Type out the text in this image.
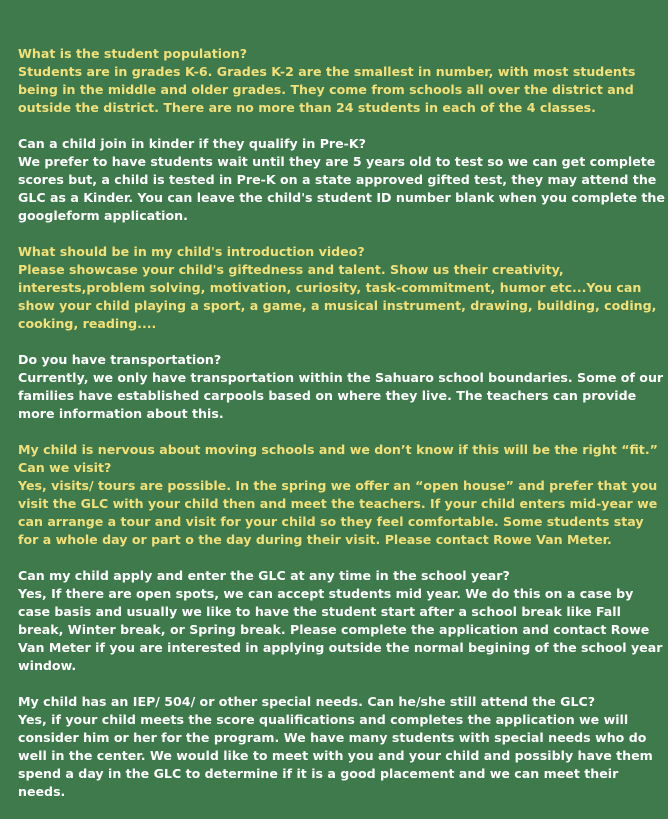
What is the student population?

Students are in grades K-6. Grades K-2 are the smallest in number, with most students being in the middle and older grades. They come from schools all over the district and outside the district. There are no more than 24 students in each of the 4 classes.

Can a child join in kinder if they qualify in Pre-K?

We prefer to have students wait until they are 5 years old to test so we can get complete scores but, a child is tested in Pre-K on a state approved gifted test, they may attend the GLC as a Kinder. You can leave the child's student ID number blank when you complete the googleform application.

What should be in my child's introduction video?

Please showcase your child's giftedness and talent. Show us their creativity, interests,problem solving, motivation, curiosity, task-commitment, humor etc...You can show your child playing a sport, a game, a musical instrument, drawing, building, coding, cooking, reading....

Do you have transportation?

Currently, we only have transportation within the Sahuaro school boundaries. Some of our families have established carpools based on where they live. The teachers can provide more information about this.

My child is nervous about moving schools and we don’t know if this will be the right “fit.” Can we visit?

Yes, visits/ tours are possible. In the spring we offer an “open house” and prefer that you visit the GLC with your child then and meet the teachers. If your child enters mid-year we can arrange a tour and visit for your child so they feel comfortable. Some students stay for a whole day or part o the day during their visit. Please contact Rowe Van Meter.

Can my child apply and enter the GLC at any time in the school year?

Yes, If there are open spots, we can accept students mid year. We do this on a case by case basis and usually we like to have the student start after a school break like Fall break, Winter break, or Spring break. Please complete the application and contact Rowe Van Meter if you are interested in applying outside the normal begining of the school year window.

My child has an IEP/ 504/ or other special needs. Can he/she still attend the GLC?

Yes, if your child meets the score qualifications and completes the application we will consider him or her for the program. We have many students with special needs who do well in the center. We would like to meet with you and your child and possibly have them spend a day in the GLC to determine if it is a good placement and we can meet their needs.
